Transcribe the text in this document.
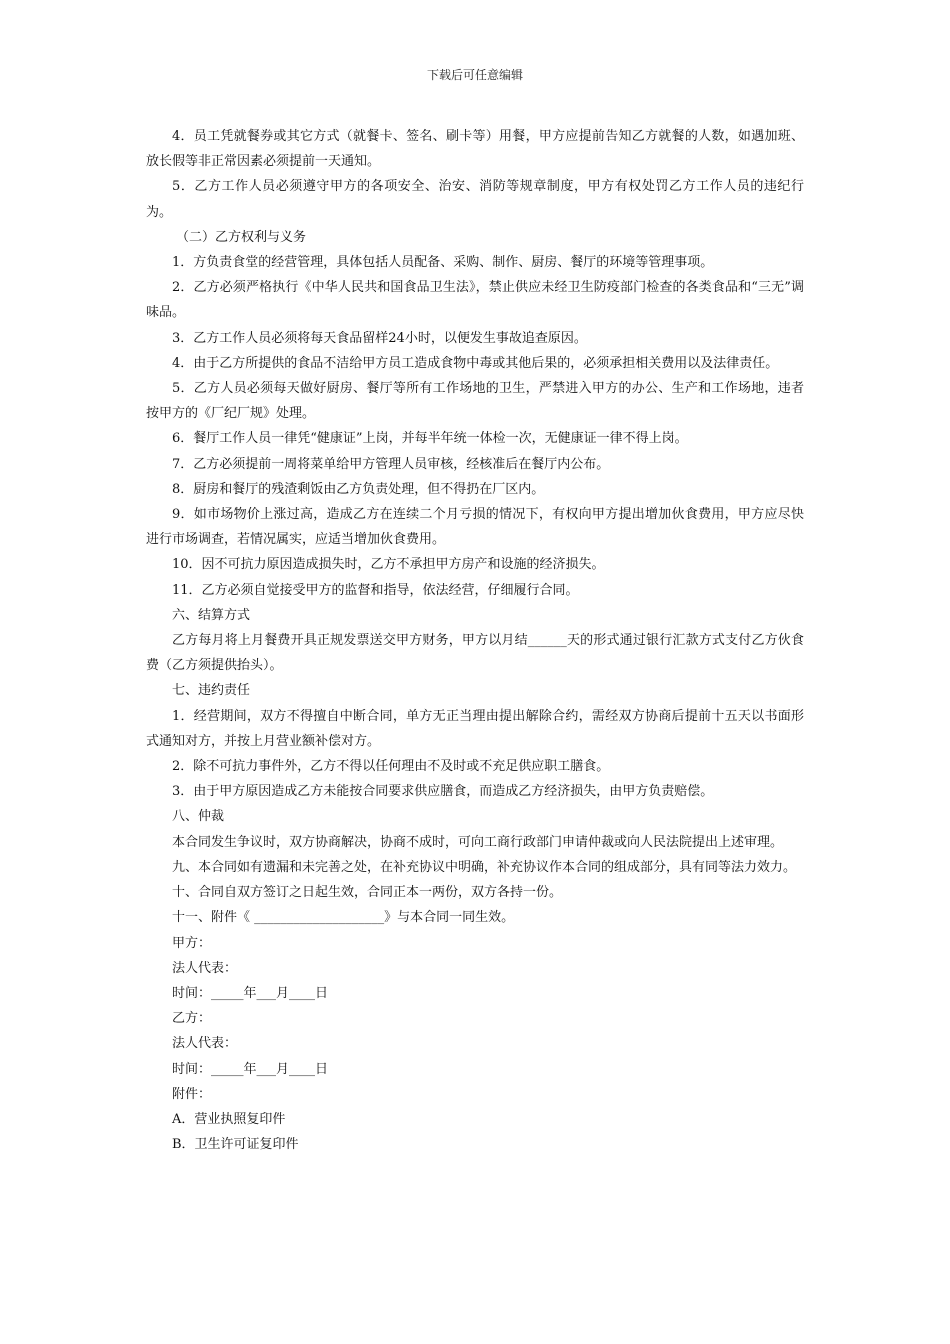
下载后可任意编辑

4．员工凭就餐券或其它方式（就餐卡、签名、刷卡等）用餐，甲方应提前告知乙方就餐的人数，如遇加班、放长假等非正常因素必须提前一天通知。

5．乙方工作人员必须遵守甲方的各项安全、治安、消防等规章制度，甲方有权处罚乙方工作人员的违纪行为。

（二）乙方权利与义务

1．方负责食堂的经营管理，具体包括人员配备、采购、制作、厨房、餐厅的环境等管理事项。

2．乙方必须严格执行《中华人民共和国食品卫生法》，禁止供应未经卫生防疫部门检查的各类食品和“三无”调味品。

3．乙方工作人员必须将每天食品留样24小时，以便发生事故追查原因。

4．由于乙方所提供的食品不洁给甲方员工造成食物中毒或其他后果的，必须承担相关费用以及法律责任。

5．乙方人员必须每天做好厨房、餐厅等所有工作场地的卫生，严禁进入甲方的办公、生产和工作场地，违者按甲方的《厂纪厂规》处理。

6．餐厅工作人员一律凭“健康证”上岗，并每半年统一体检一次，无健康证一律不得上岗。

7．乙方必须提前一周将菜单给甲方管理人员审核，经核准后在餐厅内公布。

8．厨房和餐厅的残渣剩饭由乙方负责处理，但不得扔在厂区内。

9．如市场物价上涨过高，造成乙方在连续二个月亏损的情况下，有权向甲方提出增加伙食费用，甲方应尽快进行市场调查，若情况属实，应适当增加伙食费用。

10．因不可抗力原因造成损失时，乙方不承担甲方房产和设施的经济损失。

11．乙方必须自觉接受甲方的监督和指导，依法经营，仔细履行合同。

六、结算方式

乙方每月将上月餐费开具正规发票送交甲方财务，甲方以月结______天的形式通过银行汇款方式支付乙方伙食费（乙方须提供抬头）。

七、违约责任

1．经营期间，双方不得擅自中断合同，单方无正当理由提出解除合约，需经双方协商后提前十五天以书面形式通知对方，并按上月营业额补偿对方。

2．除不可抗力事件外，乙方不得以任何理由不及时或不充足供应职工膳食。

3．由于甲方原因造成乙方未能按合同要求供应膳食，而造成乙方经济损失，由甲方负责赔偿。

八、仲裁

本合同发生争议时，双方协商解决，协商不成时，可向工商行政部门申请仲裁或向人民法院提出上述审理。

九、本合同如有遗漏和未完善之处，在补充协议中明确，补充协议作本合同的组成部分，具有同等法力效力。

十、合同自双方签订之日起生效，合同正本一两份，双方各持一份。

十一、附件《 ____________________》与本合同一同生效。

甲方：

法人代表：

时间：_____年___月____日

乙方：

法人代表：

时间：_____年___月____日

附件：

A．营业执照复印件

B．卫生许可证复印件
